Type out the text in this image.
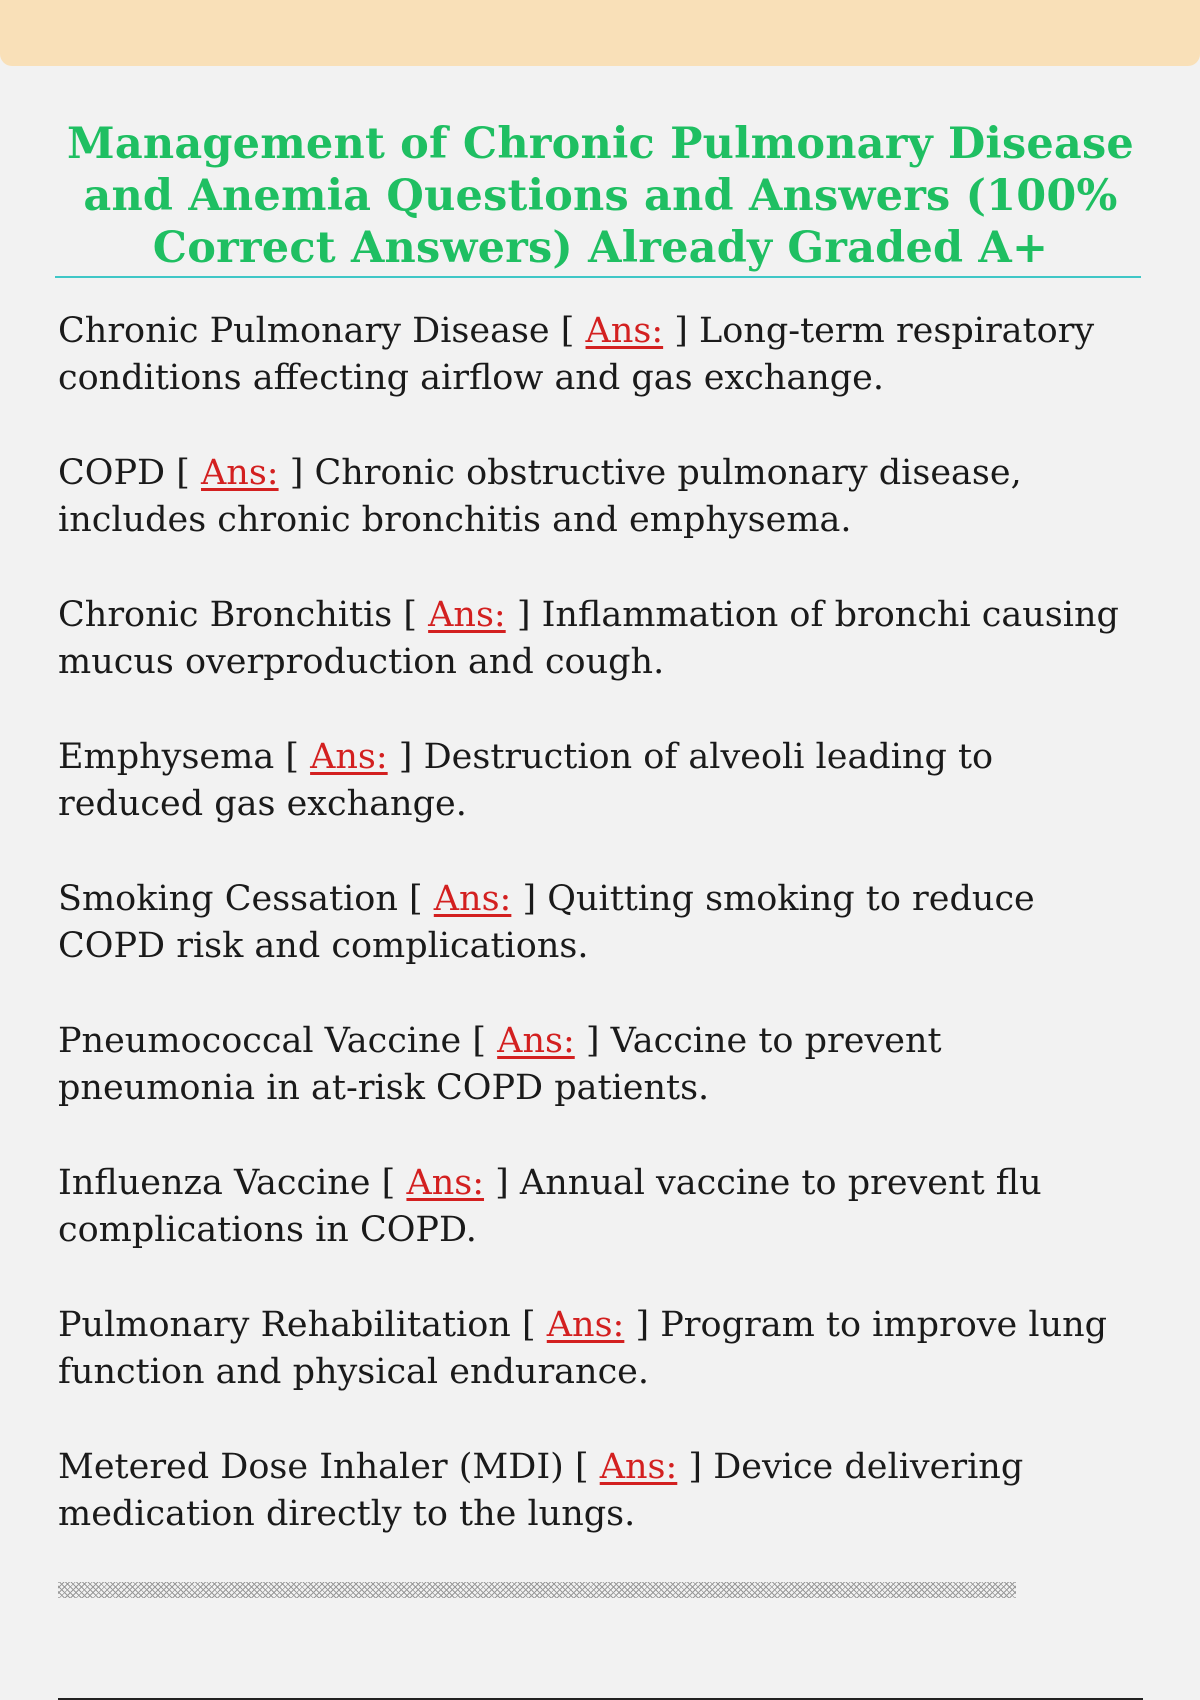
Management of Chronic Pulmonary Disease and Anemia Questions and Answers (100% Correct Answers) Already Graded A+
Chronic Pulmonary Disease [ Ans: ] Long-term respiratory conditions affecting airflow and gas exchange.
COPD [ Ans: ] Chronic obstructive pulmonary disease, includes chronic bronchitis and emphysema.
Chronic Bronchitis [ Ans: ] Inflammation of bronchi causing mucus overproduction and cough.
Emphysema [ Ans: ] Destruction of alveoli leading to reduced gas exchange.
Smoking Cessation [ Ans: ] Quitting smoking to reduce COPD risk and complications.
Pneumococcal Vaccine [ Ans: ] Vaccine to prevent pneumonia in at-risk COPD patients.
Influenza Vaccine [ Ans: ] Annual vaccine to prevent flu complications in COPD.
Pulmonary Rehabilitation [ Ans: ] Program to improve lung function and physical endurance.
Metered Dose Inhaler (MDI) [ Ans: ] Device delivering medication directly to the lungs.
